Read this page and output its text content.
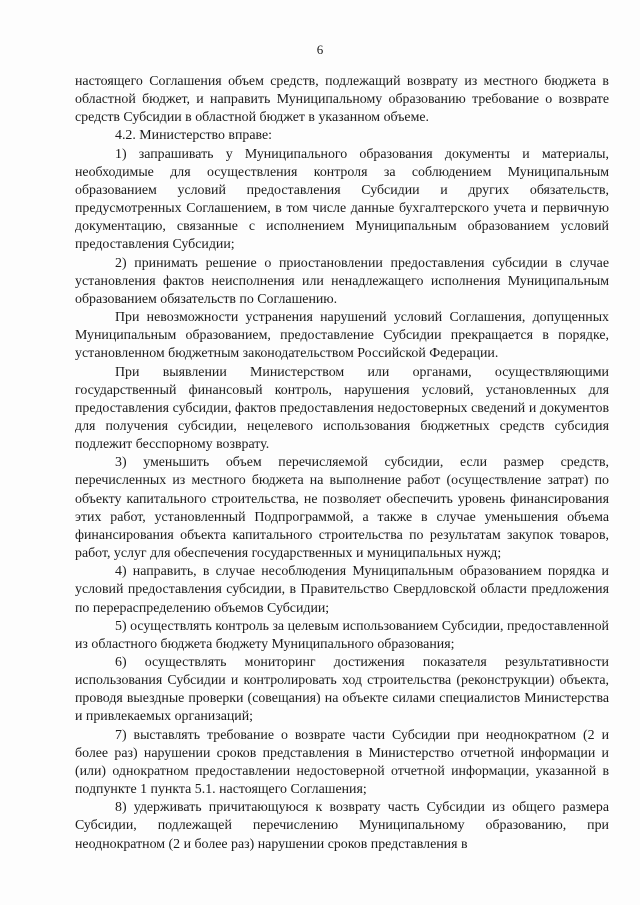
6

настоящего Соглашения объем средств, подлежащий возврату из местного бюджета в областной бюджет, и направить Муниципальному образованию требование о возврате средств Субсидии в областной бюджет в указанном объеме.

4.2. Министерство вправе:

1) запрашивать у Муниципального образования документы и материалы, необходимые для осуществления контроля за соблюдением Муниципальным образованием условий предоставления Субсидии и других обязательств, предусмотренных Соглашением, в том числе данные бухгалтерского учета и первичную документацию, связанные с исполнением Муниципальным образованием условий предоставления Субсидии;

2) принимать решение о приостановлении предоставления субсидии в случае установления фактов неисполнения или ненадлежащего исполнения Муниципальным образованием обязательств по Соглашению.

При невозможности устранения нарушений условий Соглашения, допущенных Муниципальным образованием, предоставление Субсидии прекращается в порядке, установленном бюджетным законодательством Российской Федерации.

При выявлении Министерством или органами, осуществляющими государственный финансовый контроль, нарушения условий, установленных для предоставления субсидии, фактов предоставления недостоверных сведений и документов для получения субсидии, нецелевого использования бюджетных средств субсидия подлежит бесспорному возврату.

3) уменьшить объем перечисляемой субсидии, если размер средств, перечисленных из местного бюджета на выполнение работ (осуществление затрат) по объекту капитального строительства, не позволяет обеспечить уровень финансирования этих работ, установленный Подпрограммой, а также в случае уменьшения объема финансирования объекта капитального строительства по результатам закупок товаров, работ, услуг для обеспечения государственных и муниципальных нужд;

4) направить, в случае несоблюдения Муниципальным образованием порядка и условий предоставления субсидии, в Правительство Свердловской области предложения по перераспределению объемов Субсидии;

5) осуществлять контроль за целевым использованием Субсидии, предоставленной из областного бюджета бюджету Муниципального образования;

6) осуществлять мониторинг достижения показателя результативности использования Субсидии и контролировать ход строительства (реконструкции) объекта, проводя выездные проверки (совещания) на объекте силами специалистов Министерства и привлекаемых организаций;

7) выставлять требование о возврате части Субсидии при неоднократном (2 и более раз) нарушении сроков представления в Министерство отчетной информации и (или) однократном предоставлении недостоверной отчетной информации, указанной в подпункте 1 пункта 5.1. настоящего Соглашения;

8) удерживать причитающуюся к возврату часть Субсидии из общего размера Субсидии, подлежащей перечислению Муниципальному образованию, при неоднократном (2 и более раз) нарушении сроков представления в
